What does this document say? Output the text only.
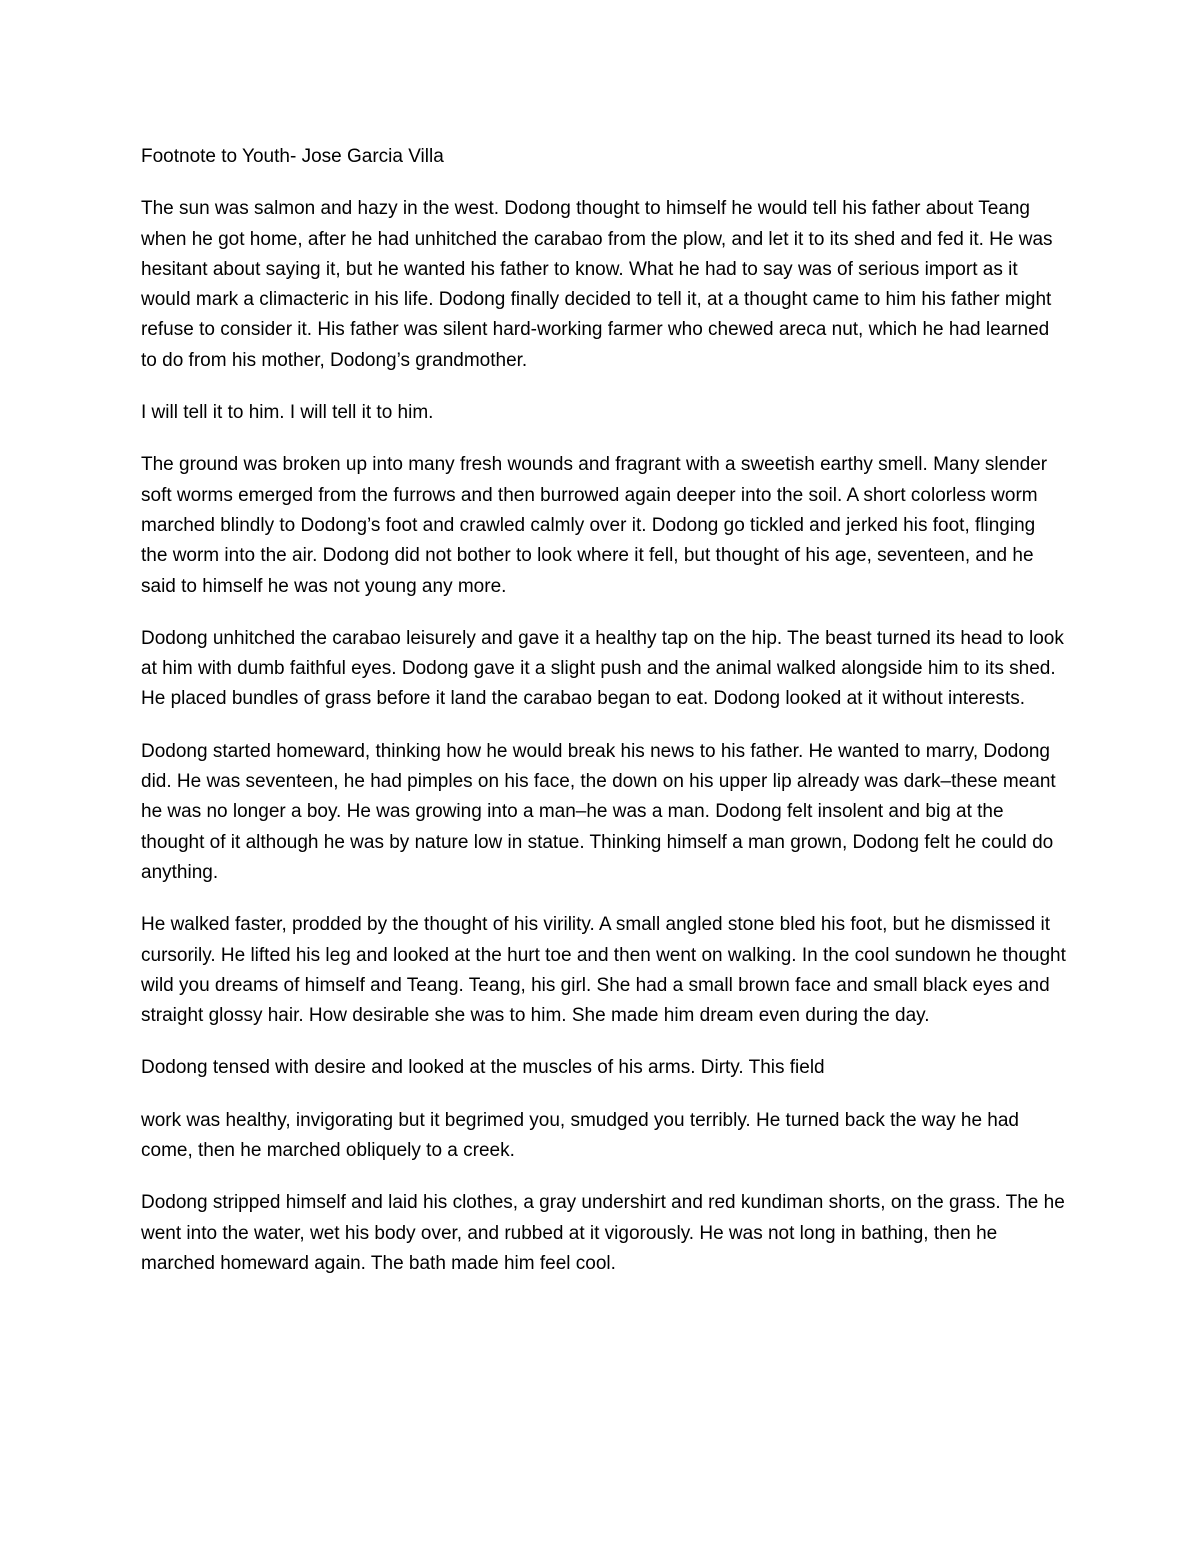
Footnote to Youth- Jose Garcia Villa

The sun was salmon and hazy in the west. Dodong thought to himself he would tell his father about Teang when he got home, after he had unhitched the carabao from the plow, and let it to its shed and fed it. He was hesitant about saying it, but he wanted his father to know. What he had to say was of serious import as it would mark a climacteric in his life. Dodong finally decided to tell it, at a thought came to him his father might refuse to consider it. His father was silent hard-working farmer who chewed areca nut, which he had learned to do from his mother, Dodong’s grandmother.

I will tell it to him. I will tell it to him.

The ground was broken up into many fresh wounds and fragrant with a sweetish earthy smell. Many slender soft worms emerged from the furrows and then burrowed again deeper into the soil. A short colorless worm marched blindly to Dodong’s foot and crawled calmly over it. Dodong go tickled and jerked his foot, flinging the worm into the air. Dodong did not bother to look where it fell, but thought of his age, seventeen, and he said to himself he was not young any more.

Dodong unhitched the carabao leisurely and gave it a healthy tap on the hip. The beast turned its head to look at him with dumb faithful eyes. Dodong gave it a slight push and the animal walked alongside him to its shed. He placed bundles of grass before it land the carabao began to eat. Dodong looked at it without interests.

Dodong started homeward, thinking how he would break his news to his father. He wanted to marry, Dodong did. He was seventeen, he had pimples on his face, the down on his upper lip already was dark–these meant he was no longer a boy. He was growing into a man–he was a man. Dodong felt insolent and big at the thought of it although he was by nature low in statue. Thinking himself a man grown, Dodong felt he could do anything.

He walked faster, prodded by the thought of his virility. A small angled stone bled his foot, but he dismissed it cursorily. He lifted his leg and looked at the hurt toe and then went on walking. In the cool sundown he thought wild you dreams of himself and Teang. Teang, his girl. She had a small brown face and small black eyes and straight glossy hair. How desirable she was to him. She made him dream even during the day.

Dodong tensed with desire and looked at the muscles of his arms. Dirty. This field

work was healthy, invigorating but it begrimed you, smudged you terribly. He turned back the way he had come, then he marched obliquely to a creek.

Dodong stripped himself and laid his clothes, a gray undershirt and red kundiman shorts, on the grass. The he went into the water, wet his body over, and rubbed at it vigorously. He was not long in bathing, then he marched homeward again. The bath made him feel cool.
